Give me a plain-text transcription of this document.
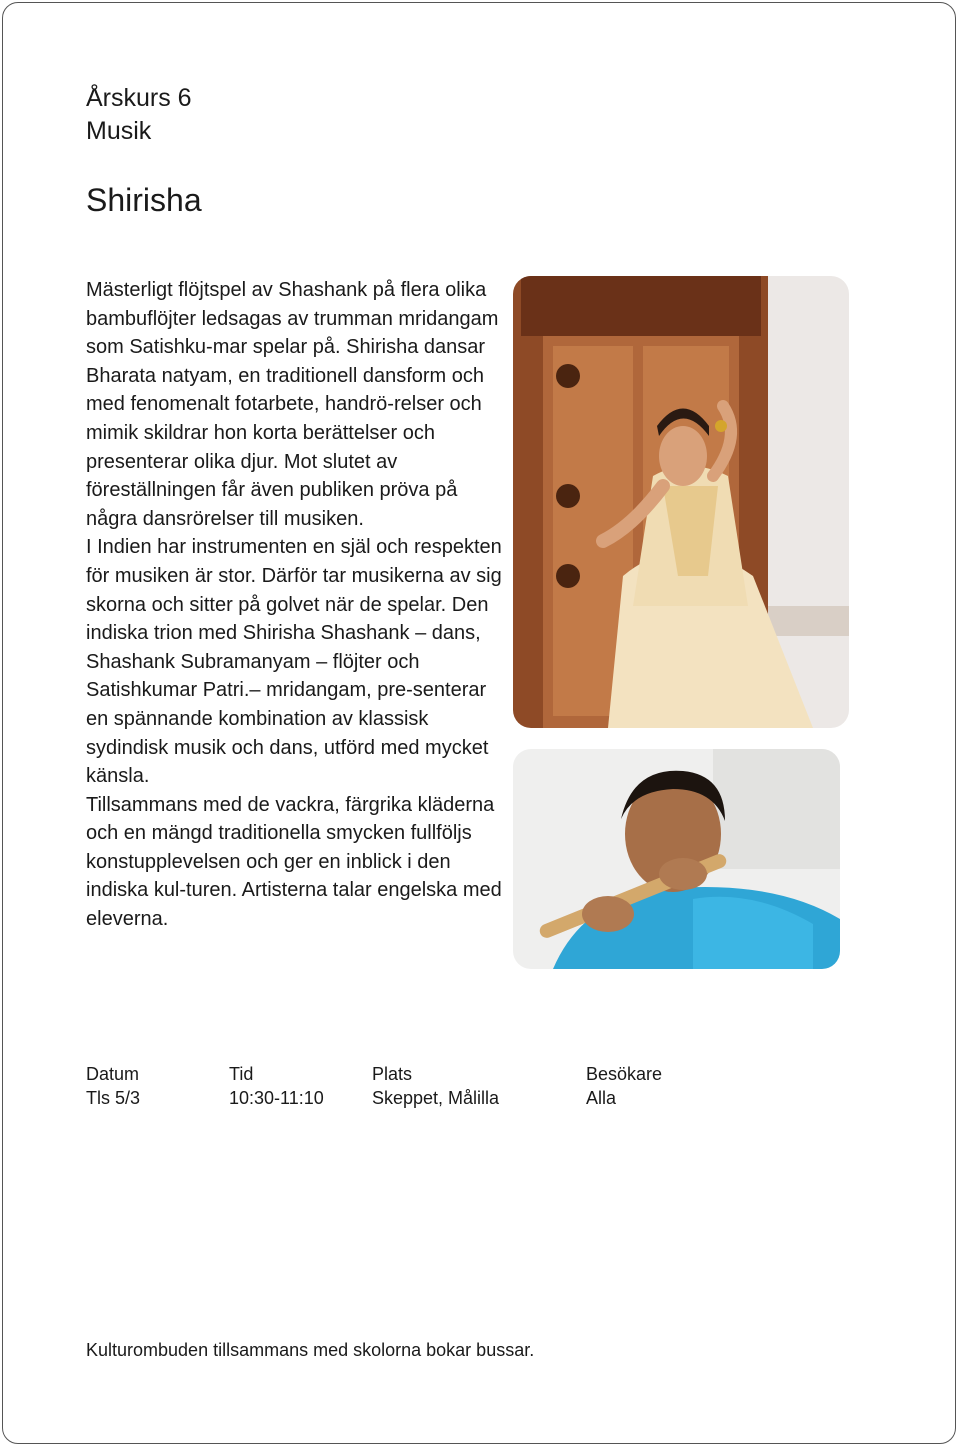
Årskurs 6
Musik
Shirisha

Mästerligt flöjtspel av Shashank på flera olika bambuflöjter ledsagas av trumman mridangam som Satishku-mar spelar på. Shirisha dansar Bharata natyam, en traditionell dansform och med fenomenalt fotarbete, handrö-relser och mimik skildrar hon korta berättelser och presenterar olika djur. Mot slutet av föreställningen får även publiken pröva på några dansrörelser till musiken.

I Indien har instrumenten en själ och respekten för musiken är stor. Därför tar musikerna av sig skorna och sitter på golvet när de spelar. Den indiska trion med Shirisha Shashank – dans, Shashank Subramanyam – flöjter och Satishkumar Patri.– mridangam, pre-senterar en spännande kombination av klassisk sydindisk musik och dans, utförd med mycket känsla.

Tillsammans med de vackra, färgrika kläderna och en mängd traditionella smycken fullföljs konstupplevelsen och ger en inblick i den indiska kul-turen. Artisterna talar engelska med eleverna.

Datum	Tid	Plats	Besökare
Tls 5/3	10:30-11:10	Skeppet, Målilla	Alla
Kulturombuden tillsammans med skolorna bokar bussar.
